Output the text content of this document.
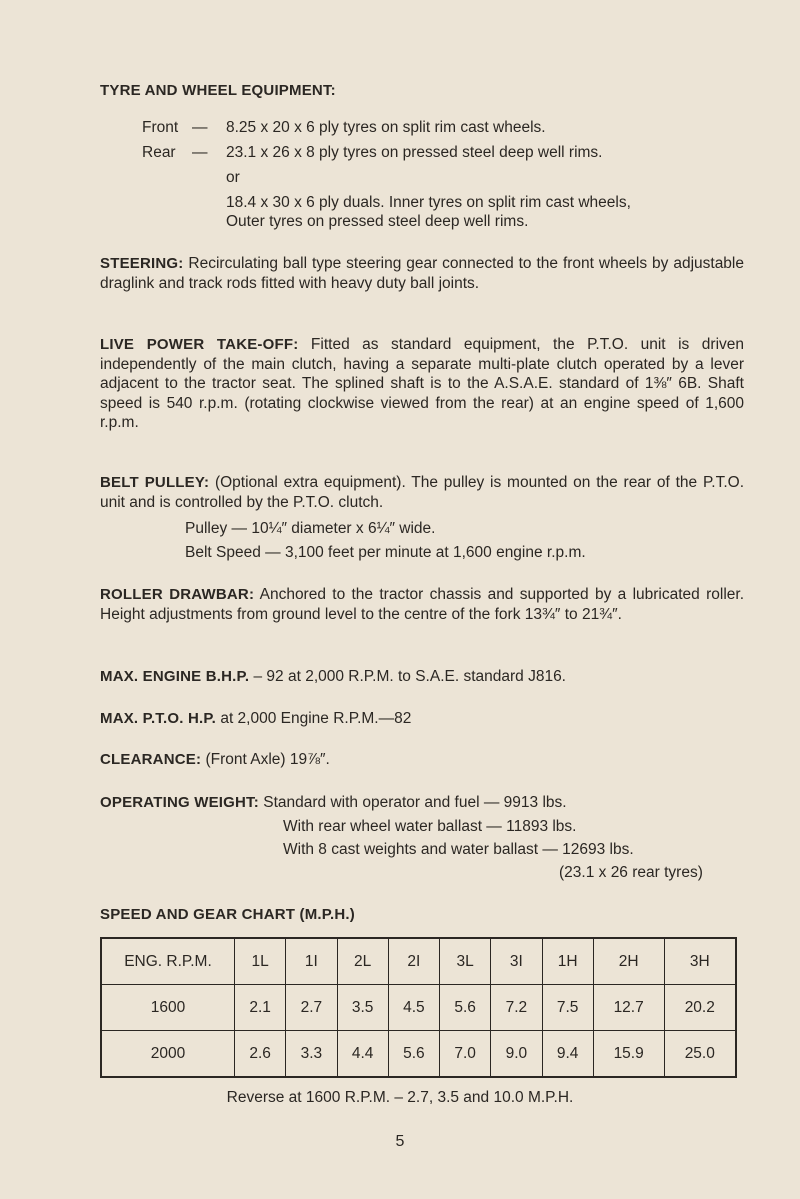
TYRE AND WHEEL EQUIPMENT:
Front — 8.25 x 20 x 6 ply tyres on split rim cast wheels.
Rear — 23.1 x 26 x 8 ply tyres on pressed steel deep well rims.
or
18.4 x 30 x 6 ply duals. Inner tyres on split rim cast wheels,
Outer tyres on pressed steel deep well rims.
STEERING: Recirculating ball type steering gear connected to the front wheels by adjustable draglink and track rods fitted with heavy duty ball joints.
LIVE POWER TAKE-OFF: Fitted as standard equipment, the P.T.O. unit is driven independently of the main clutch, having a separate multi-plate clutch operated by a lever adjacent to the tractor seat. The splined shaft is to the A.S.A.E. standard of 1⅜″ 6B. Shaft speed is 540 r.p.m. (rotating clockwise viewed from the rear) at an engine speed of 1,600 r.p.m.
BELT PULLEY: (Optional extra equipment). The pulley is mounted on the rear of the P.T.O. unit and is controlled by the P.T.O. clutch.
Pulley — 10¼″ diameter x 6¼″ wide.
Belt Speed — 3,100 feet per minute at 1,600 engine r.p.m.
ROLLER DRAWBAR: Anchored to the tractor chassis and supported by a lubricated roller. Height adjustments from ground level to the centre of the fork 13¾″ to 21¾″.
MAX. ENGINE B.H.P. – 92 at 2,000 R.P.M. to S.A.E. standard J816.
MAX. P.T.O. H.P. at 2,000 Engine R.P.M.—82
CLEARANCE: (Front Axle) 19⅞″.
OPERATING WEIGHT: Standard with operator and fuel — 9913 lbs.
With rear wheel water ballast — 11893 lbs.
With 8 cast weights and water ballast — 12693 lbs.
(23.1 x 26 rear tyres)
SPEED AND GEAR CHART (M.P.H.)
ENG. R.P.M.	1L	1I	2L	2I	3L	3I	1H	2H	3H
1600	2.1	2.7	3.5	4.5	5.6	7.2	7.5	12.7	20.2
2000	2.6	3.3	4.4	5.6	7.0	9.0	9.4	15.9	25.0
Reverse at 1600 R.P.M. – 2.7, 3.5 and 10.0 M.P.H.
5
